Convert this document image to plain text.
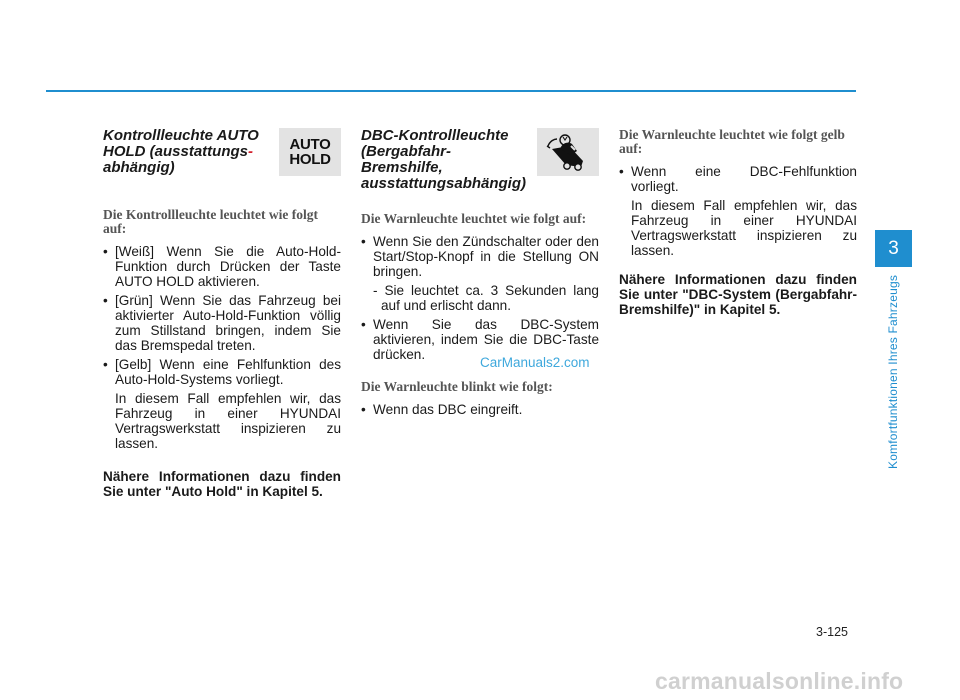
Kontrollleuchte AUTO HOLD (ausstattungs-
abhängig)
AUTO
HOLD
Die Kontrollleuchte leuchtet wie folgt auf:
• [Weiß] Wenn Sie die Auto-Hold-Funktion durch Drücken der Taste AUTO HOLD aktivieren.
• [Grün] Wenn Sie das Fahrzeug bei aktivierter Auto-Hold-Funktion völlig zum Stillstand bringen, indem Sie das Bremspedal treten.
• [Gelb] Wenn eine Fehlfunktion des Auto-Hold-Systems vorliegt.
In diesem Fall empfehlen wir, das Fahrzeug in einer HYUNDAI Vertragswerkstatt inspizieren zu lassen.
Nähere Informationen dazu finden Sie unter "Auto Hold" in Kapitel 5.
DBC-Kontrollleuchte (Bergabfahr-Bremshilfe, ausstattungsabhängig)
Die Warnleuchte leuchtet wie folgt auf:
• Wenn Sie den Zündschalter oder den Start/Stop-Knopf in die Stellung ON bringen.
- Sie leuchtet ca. 3 Sekunden lang auf und erlischt dann.
• Wenn Sie das DBC-System aktivieren, indem Sie die DBC-Taste drücken.
Die Warnleuchte blinkt wie folgt:
• Wenn das DBC eingreift.
Die Warnleuchte leuchtet wie folgt gelb auf:
• Wenn eine DBC-Fehlfunktion vorliegt.
In diesem Fall empfehlen wir, das Fahrzeug in einer HYUNDAI Vertragswerkstatt inspizieren zu lassen.
Nähere Informationen dazu finden Sie unter "DBC-System (Bergabfahr-Bremshilfe)" in Kapitel 5.
CarManuals2.com
3
Komfortfunktionen Ihres Fahrzeugs
3-125
carmanualsonline.info
